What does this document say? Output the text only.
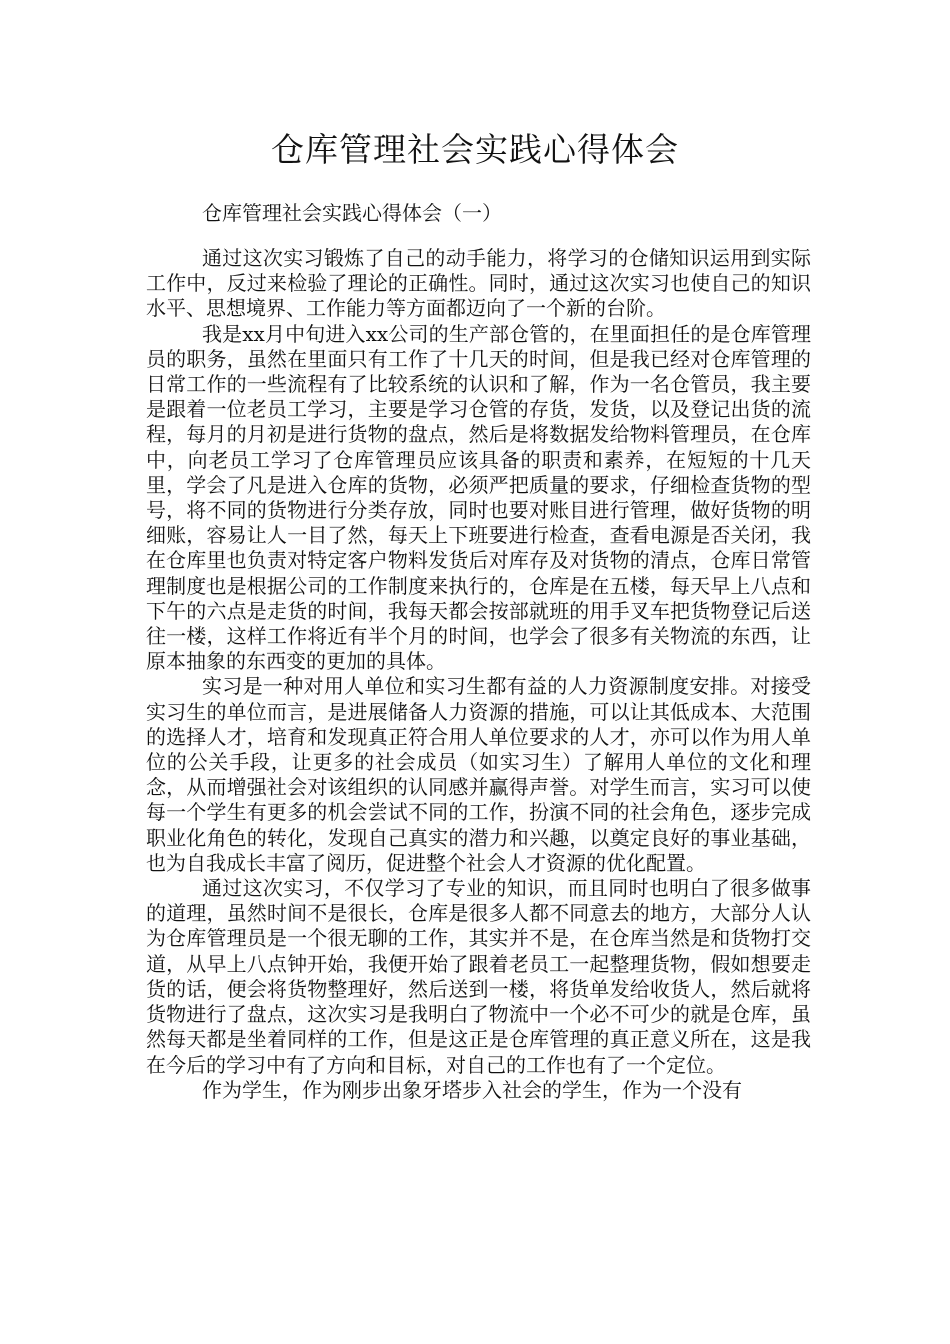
仓库管理社会实践心得体会
仓库管理社会实践心得体会（一）

通过这次实习锻炼了自己的动手能力，将学习的仓储知识运用到实际工作中，反过来检验了理论的正确性。同时，通过这次实习也使自己的知识水平、思想境界、工作能力等方面都迈向了一个新的台阶。

我是xx月中旬进入xx公司的生产部仓管的，在里面担任的是仓库管理员的职务，虽然在里面只有工作了十几天的时间，但是我已经对仓库管理的日常工作的一些流程有了比较系统的认识和了解，作为一名仓管员，我主要是跟着一位老员工学习，主要是学习仓管的存货，发货，以及登记出货的流程，每月的月初是进行货物的盘点，然后是将数据发给物料管理员，在仓库中，向老员工学习了仓库管理员应该具备的职责和素养，在短短的十几天里，学会了凡是进入仓库的货物，必须严把质量的要求，仔细检查货物的型号，将不同的货物进行分类存放，同时也要对账目进行管理，做好货物的明细账，容易让人一目了然，每天上下班要进行检查，查看电源是否关闭，我在仓库里也负责对特定客户物料发货后对库存及对货物的清点，仓库日常管理制度也是根据公司的工作制度来执行的，仓库是在五楼，每天早上八点和下午的六点是走货的时间，我每天都会按部就班的用手叉车把货物登记后送往一楼，这样工作将近有半个月的时间，也学会了很多有关物流的东西，让原本抽象的东西变的更加的具体。

实习是一种对用人单位和实习生都有益的人力资源制度安排。对接受实习生的单位而言，是进展储备人力资源的措施，可以让其低成本、大范围的选择人才，培育和发现真正符合用人单位要求的人才，亦可以作为用人单位的公关手段，让更多的社会成员（如实习生）了解用人单位的文化和理念，从而增强社会对该组织的认同感并赢得声誉。对学生而言，实习可以使每一个学生有更多的机会尝试不同的工作，扮演不同的社会角色，逐步完成职业化角色的转化，发现自己真实的潜力和兴趣，以奠定良好的事业基础，也为自我成长丰富了阅历，促进整个社会人才资源的优化配置。

通过这次实习，不仅学习了专业的知识，而且同时也明白了很多做事的道理，虽然时间不是很长，仓库是很多人都不同意去的地方，大部分人认为仓库管理员是一个很无聊的工作，其实并不是，在仓库当然是和货物打交道，从早上八点钟开始，我便开始了跟着老员工一起整理货物，假如想要走货的话，便会将货物整理好，然后送到一楼，将货单发给收货人，然后就将货物进行了盘点，这次实习是我明白了物流中一个必不可少的就是仓库，虽然每天都是坐着同样的工作，但是这正是仓库管理的真正意义所在，这是我在今后的学习中有了方向和目标，对自己的工作也有了一个定位。

作为学生，作为刚步出象牙塔步入社会的学生，作为一个没有
